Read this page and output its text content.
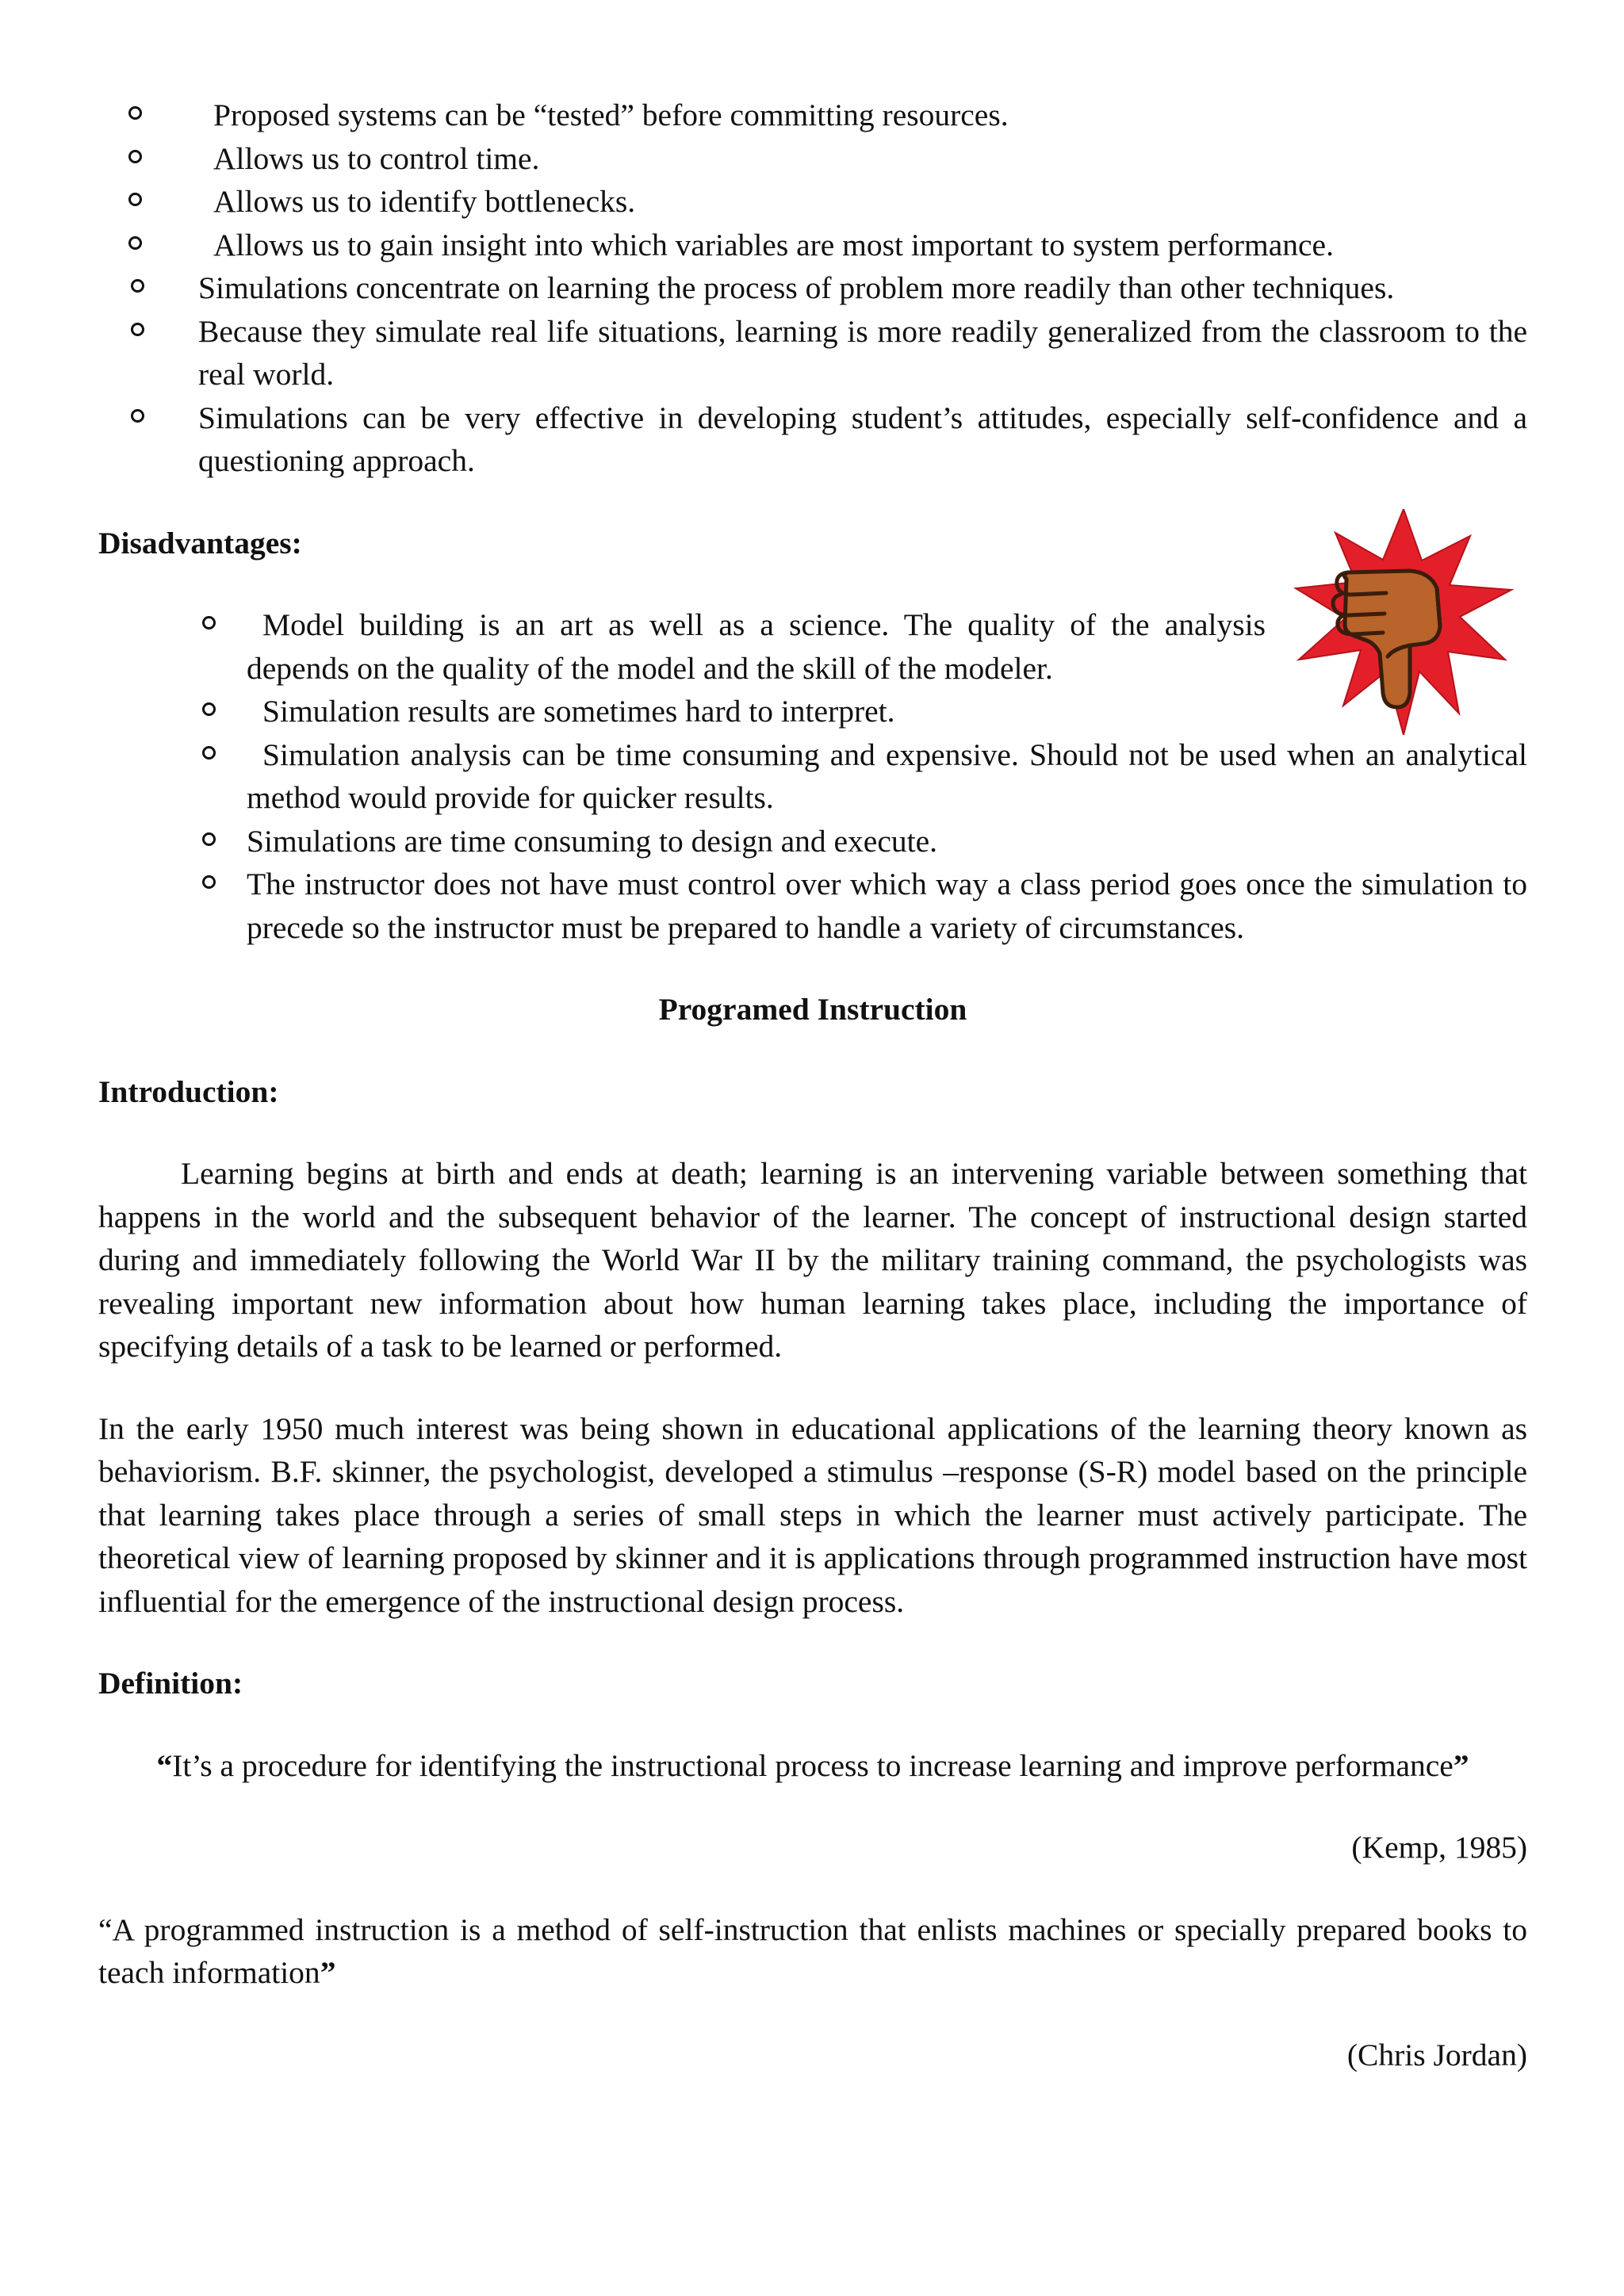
Proposed systems can be “tested” before committing resources.
Allows us to control time.
Allows us to identify bottlenecks.
Allows us to gain insight into which variables are most important to system performance.
Simulations concentrate on learning the process of problem more readily than other techniques.
Because they simulate real life situations, learning is more readily generalized from the classroom to the real world.
Simulations can be very effective in developing student’s attitudes, especially self-confidence and a questioning approach.
Disadvantages:
Model building is an art as well as a science. The quality of the analysis depends on the quality of the model and the skill of the modeler.
Simulation results are sometimes hard to interpret.
Simulation analysis can be time consuming and expensive. Should not be used when an analytical method would provide for quicker results.
Simulations are time consuming to design and execute.
The instructor does not have must control over which way a class period goes once the simulation to precede so the instructor must be prepared to handle a variety of circumstances.
Programed Instruction
Introduction:

Learning begins at birth and ends at death; learning is an intervening variable between something that happens in the world and the subsequent behavior of the learner. The concept of instructional design started during and immediately following the World War II by the military training command, the psychologists was revealing important new information about how human learning takes place, including the importance of specifying details of a task to be learned or performed.

In the early 1950 much interest was being shown in educational applications of the learning theory known as behaviorism. B.F. skinner, the psychologist, developed a stimulus –response (S-R) model based on the principle that learning takes place through a series of small steps in which the learner must actively participate. The theoretical view of learning proposed by skinner and it is applications through programmed instruction have most influential for the emergence of the instructional design process.

Definition:
“It’s a procedure for identifying the instructional process to increase learning and improve performance”
(Kemp, 1985)
“A programmed instruction is a method of self-instruction that enlists machines or specially prepared books to teach information”
(Chris Jordan)
